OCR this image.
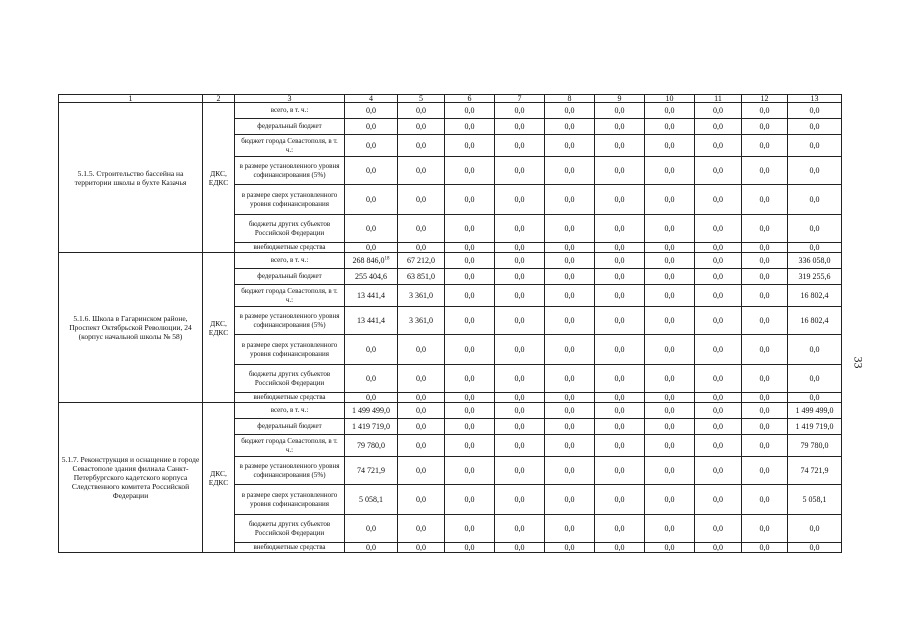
1	2	3	4	5	6	7	8	9	10	11	12	13
5.1.5. Строительство бассейна на территории школы в бухте Казачья	ДКС, ЕДКС	всего, в т. ч.:	0,0	0,0	0,0	0,0	0,0	0,0	0,0	0,0	0,0	0,0
		федеральный бюджет	0,0	0,0	0,0	0,0	0,0	0,0	0,0	0,0	0,0	0,0
		бюджет города Севастополя, в т. ч.:	0,0	0,0	0,0	0,0	0,0	0,0	0,0	0,0	0,0	0,0
		в размере установленного уровня софинансирования (5%)	0,0	0,0	0,0	0,0	0,0	0,0	0,0	0,0	0,0	0,0
		в размере сверх установленного уровня софинансирования	0,0	0,0	0,0	0,0	0,0	0,0	0,0	0,0	0,0	0,0
		бюджеты других субъектов Российской Федерации	0,0	0,0	0,0	0,0	0,0	0,0	0,0	0,0	0,0	0,0
		внебюджетные средства	0,0	0,0	0,0	0,0	0,0	0,0	0,0	0,0	0,0	0,0
5.1.6. Школа в Гагаринском районе, Проспект Октябрьской Революции, 24 (корпус начальной школы № 58)	ДКС, ЕДКС	всего, в т. ч.:	268 846,0$^{18}$	67 212,0	0,0	0,0	0,0	0,0	0,0	0,0	0,0	336 058,0
		федеральный бюджет	255 404,6	63 851,0	0,0	0,0	0,0	0,0	0,0	0,0	0,0	319 255,6
		бюджет города Севастополя, в т. ч.:	13 441,4	3 361,0	0,0	0,0	0,0	0,0	0,0	0,0	0,0	16 802,4
		в размере установленного уровня софинансирования (5%)	13 441,4	3 361,0	0,0	0,0	0,0	0,0	0,0	0,0	0,0	16 802,4
		в размере сверх установленного уровня софинансирования	0,0	0,0	0,0	0,0	0,0	0,0	0,0	0,0	0,0	0,0
		бюджеты других субъектов Российской Федерации	0,0	0,0	0,0	0,0	0,0	0,0	0,0	0,0	0,0	0,0
		внебюджетные средства	0,0	0,0	0,0	0,0	0,0	0,0	0,0	0,0	0,0	0,0
5.1.7. Реконструкция и оснащение в городе Севастополе здания филиала Санкт-Петербургского кадетского корпуса Следственного комитета Российской Федерации	ДКС, ЕДКС	всего, в т. ч.:	1 499 499,0	0,0	0,0	0,0	0,0	0,0	0,0	0,0	0,0	1 499 499,0
		федеральный бюджет	1 419 719,0	0,0	0,0	0,0	0,0	0,0	0,0	0,0	0,0	1 419 719,0
		бюджет города Севастополя, в т. ч.:	79 780,0	0,0	0,0	0,0	0,0	0,0	0,0	0,0	0,0	79 780,0
		в размере установленного уровня софинансирования (5%)	74 721,9	0,0	0,0	0,0	0,0	0,0	0,0	0,0	0,0	74 721,9
		в размере сверх установленного уровня софинансирования	5 058,1	0,0	0,0	0,0	0,0	0,0	0,0	0,0	0,0	5 058,1
		бюджеты других субъектов Российской Федерации	0,0	0,0	0,0	0,0	0,0	0,0	0,0	0,0	0,0	0,0
		внебюджетные средства	0,0	0,0	0,0	0,0	0,0	0,0	0,0	0,0	0,0	0,0
33
